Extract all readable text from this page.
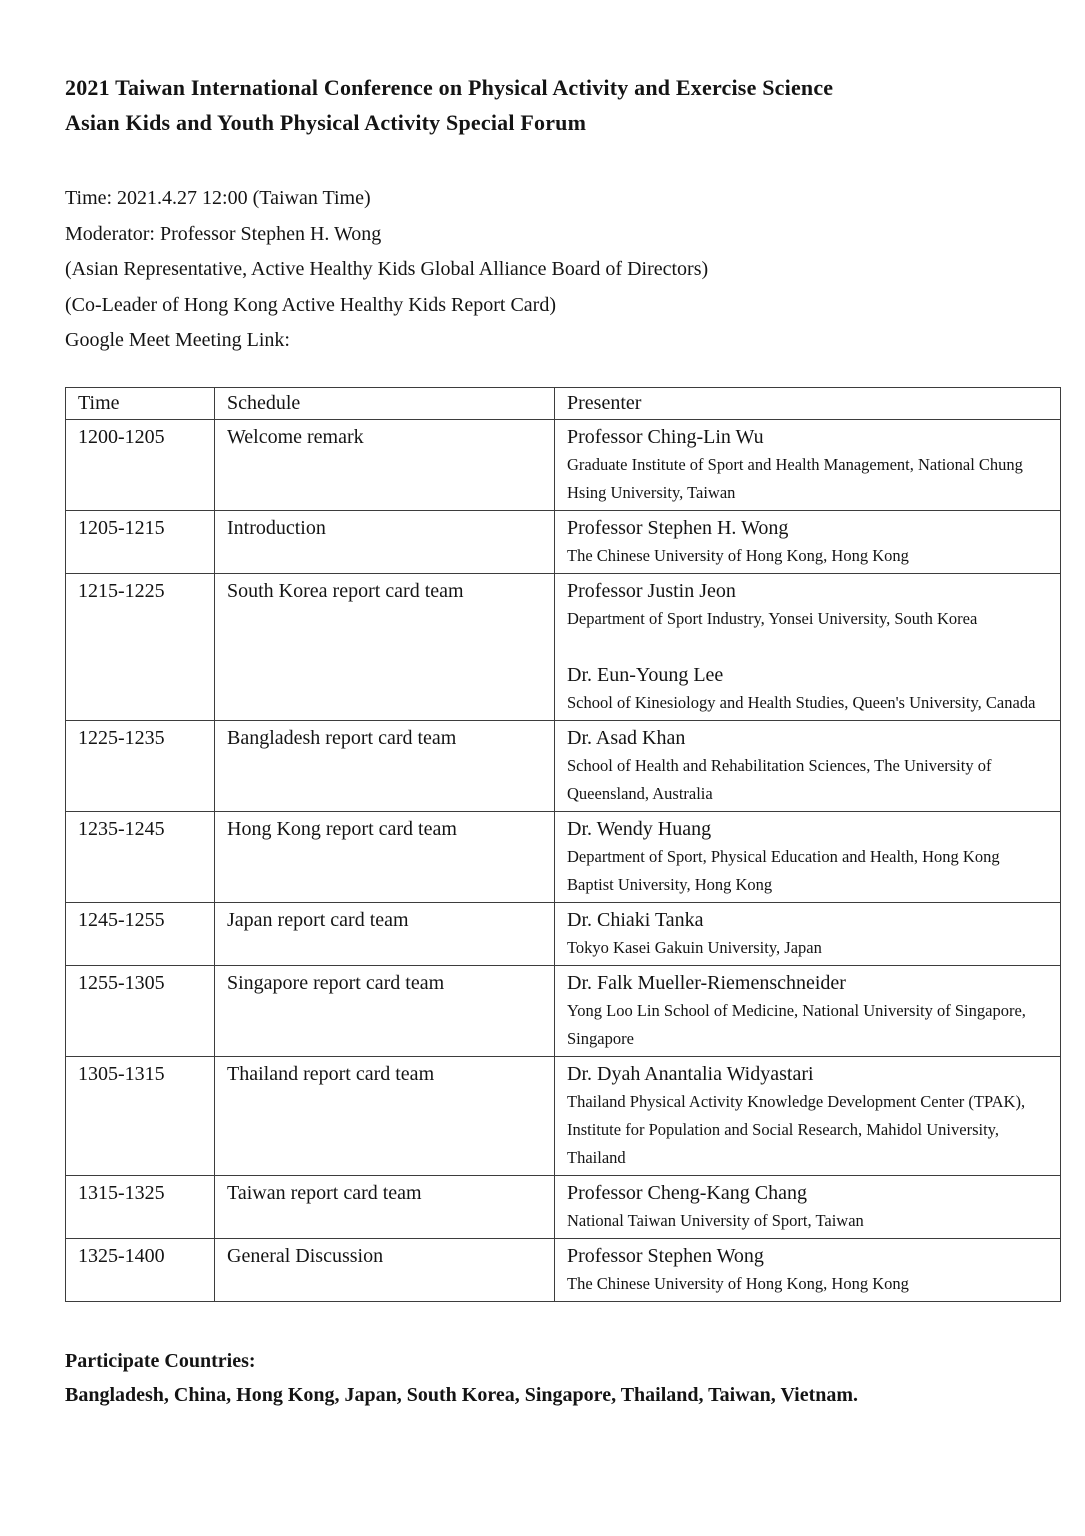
2021 Taiwan International Conference on Physical Activity and Exercise Science
Asian Kids and Youth Physical Activity Special Forum

Time: 2021.4.27 12:00 (Taiwan Time)

Moderator: Professor Stephen H. Wong

(Asian Representative, Active Healthy Kids Global Alliance Board of Directors)

(Co-Leader of Hong Kong Active Healthy Kids Report Card)

Google Meet Meeting Link:

Time	Schedule	Presenter
1200-1205	Welcome remark	Professor Ching-Lin Wu
Graduate Institute of Sport and Health Management, National Chung Hsing University, Taiwan

1205-1215	Introduction	Professor Stephen H. Wong
The Chinese University of Hong Kong, Hong Kong

1215-1225	South Korea report card team	Professor Justin Jeon
Department of Sport Industry, Yonsei University, South Korea
Dr. Eun-Young Lee
School of Kinesiology and Health Studies, Queen's University, Canada

1225-1235	Bangladesh report card team	Dr. Asad Khan
School of Health and Rehabilitation Sciences, The University of Queensland, Australia

1235-1245	Hong Kong report card team	Dr. Wendy Huang
Department of Sport, Physical Education and Health, Hong Kong Baptist University, Hong Kong

1245-1255	Japan report card team	Dr. Chiaki Tanka
Tokyo Kasei Gakuin University, Japan

1255-1305	Singapore report card team	Dr. Falk Mueller-Riemenschneider
Yong Loo Lin School of Medicine, National University of Singapore, Singapore

1305-1315	Thailand report card team	Dr. Dyah Anantalia Widyastari
Thailand Physical Activity Knowledge Development Center (TPAK), Institute for Population and Social Research, Mahidol University, Thailand

1315-1325	Taiwan report card team	Professor Cheng-Kang Chang
National Taiwan University of Sport, Taiwan

1325-1400	General Discussion	Professor Stephen Wong
The Chinese University of Hong Kong, Hong Kong

Participate Countries:

Bangladesh, China, Hong Kong, Japan, South Korea, Singapore, Thailand, Taiwan, Vietnam.
